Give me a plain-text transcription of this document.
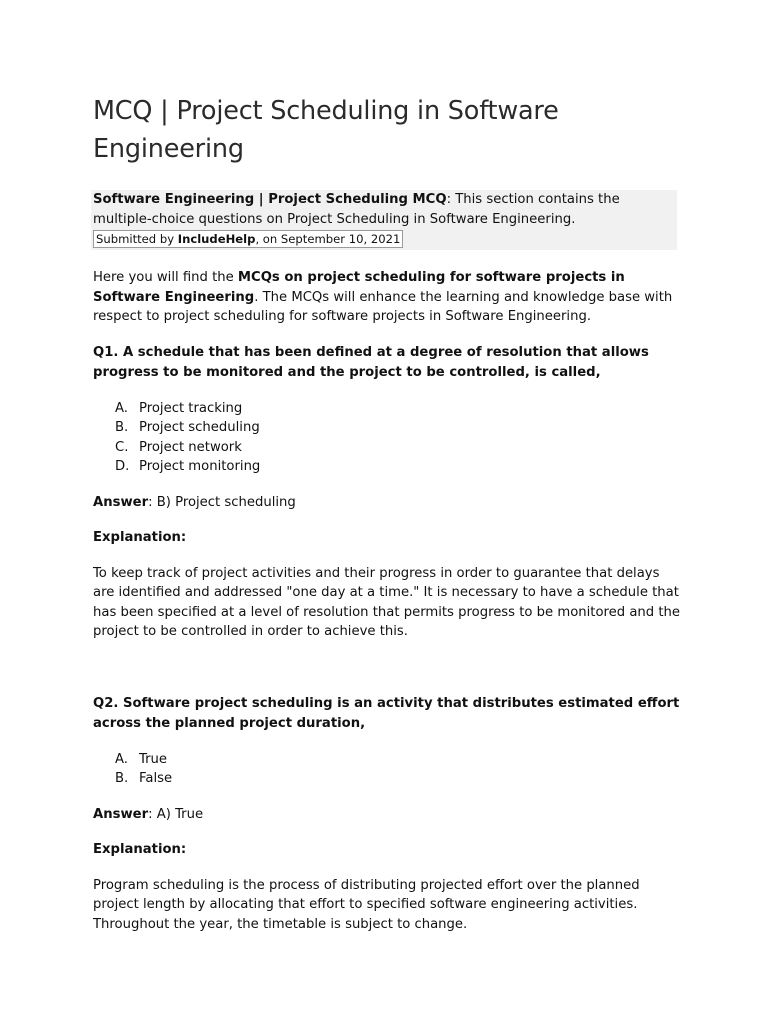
MCQ | Project Scheduling in Software Engineering
Software Engineering | Project Scheduling MCQ: This section contains the multiple-choice questions on Project Scheduling in Software Engineering.
Submitted by IncludeHelp, on September 10, 2021

Here you will find the MCQs on project scheduling for software projects in Software Engineering. The MCQs will enhance the learning and knowledge base with respect to project scheduling for software projects in Software Engineering.

Q1. A schedule that has been defined at a degree of resolution that allows progress to be monitored and the project to be controlled, is called,

A. Project tracking
B. Project scheduling
C. Project network
D. Project monitoring

Answer: B) Project scheduling

Explanation:

To keep track of project activities and their progress in order to guarantee that delays are identified and addressed "one day at a time." It is necessary to have a schedule that has been specified at a level of resolution that permits progress to be monitored and the project to be controlled in order to achieve this.

Q2. Software project scheduling is an activity that distributes estimated effort across the planned project duration,

A. True
B. False

Answer: A) True

Explanation:

Program scheduling is the process of distributing projected effort over the planned project length by allocating that effort to specified software engineering activities. Throughout the year, the timetable is subject to change.
